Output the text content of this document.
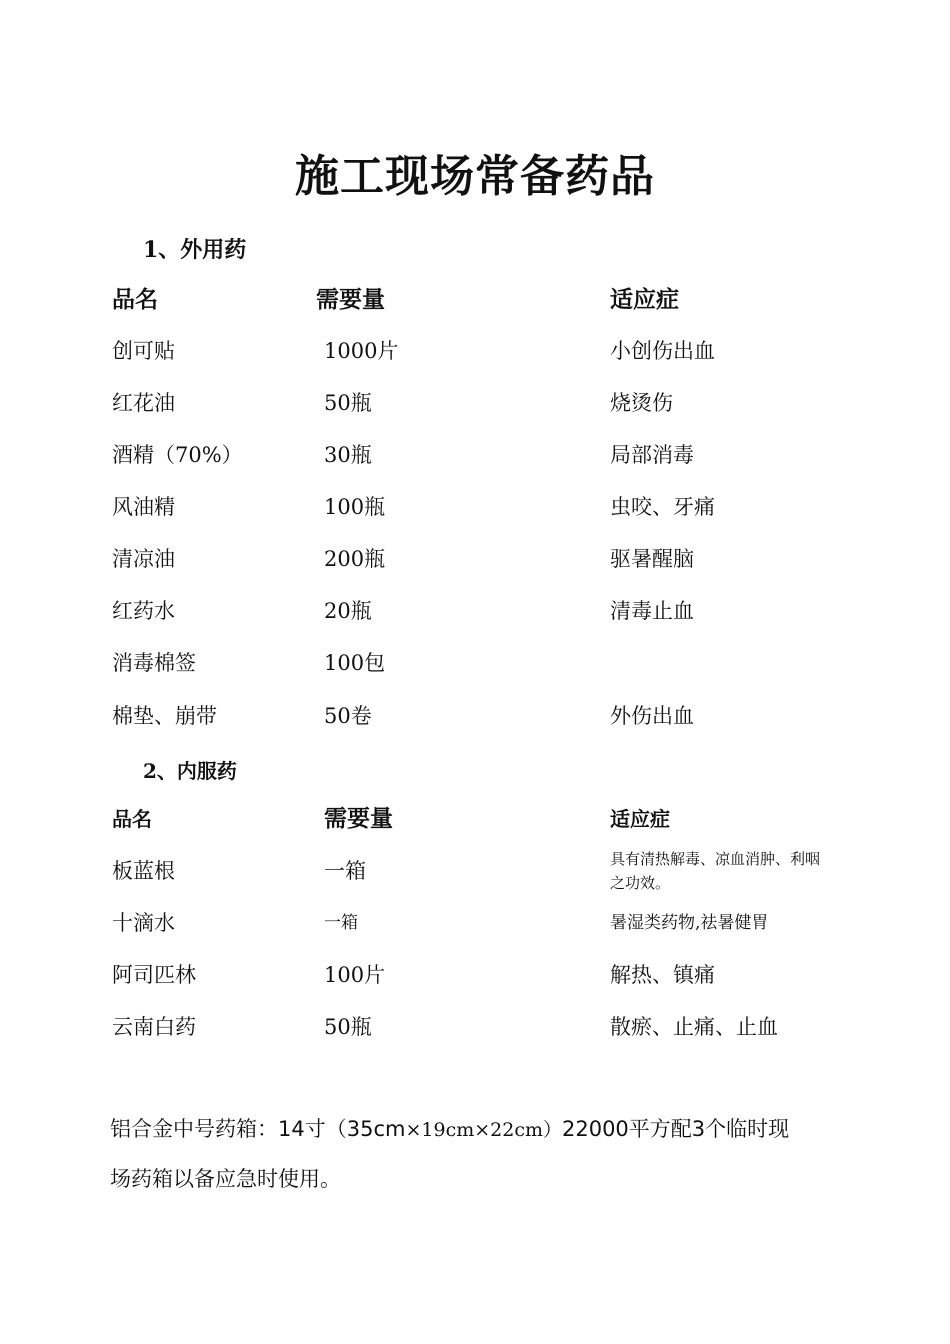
施工现场常备药品
1、外用药
品名	需要量	适应症
创可贴	1000片	小创伤出血
红花油	50瓶	烧烫伤
酒精（70%）	30瓶	局部消毒
风油精	100瓶	虫咬、牙痛
清凉油	200瓶	驱暑醒脑
红药水	20瓶	清毒止血
消毒棉签	100包
棉垫、崩带	50卷	外伤出血
2、内服药
品名	需要量	适应症
板蓝根	一箱	具有清热解毒、凉血消肿、利咽之功效。
十滴水	一箱	暑湿类药物,祛暑健胃
阿司匹林	100片	解热、镇痛
云南白药	50瓶	散瘀、止痛、止血
铝合金中号药箱：14寸（35cm×19cm×22cm）22000平方配3个临时现
场药箱以备应急时使用。
